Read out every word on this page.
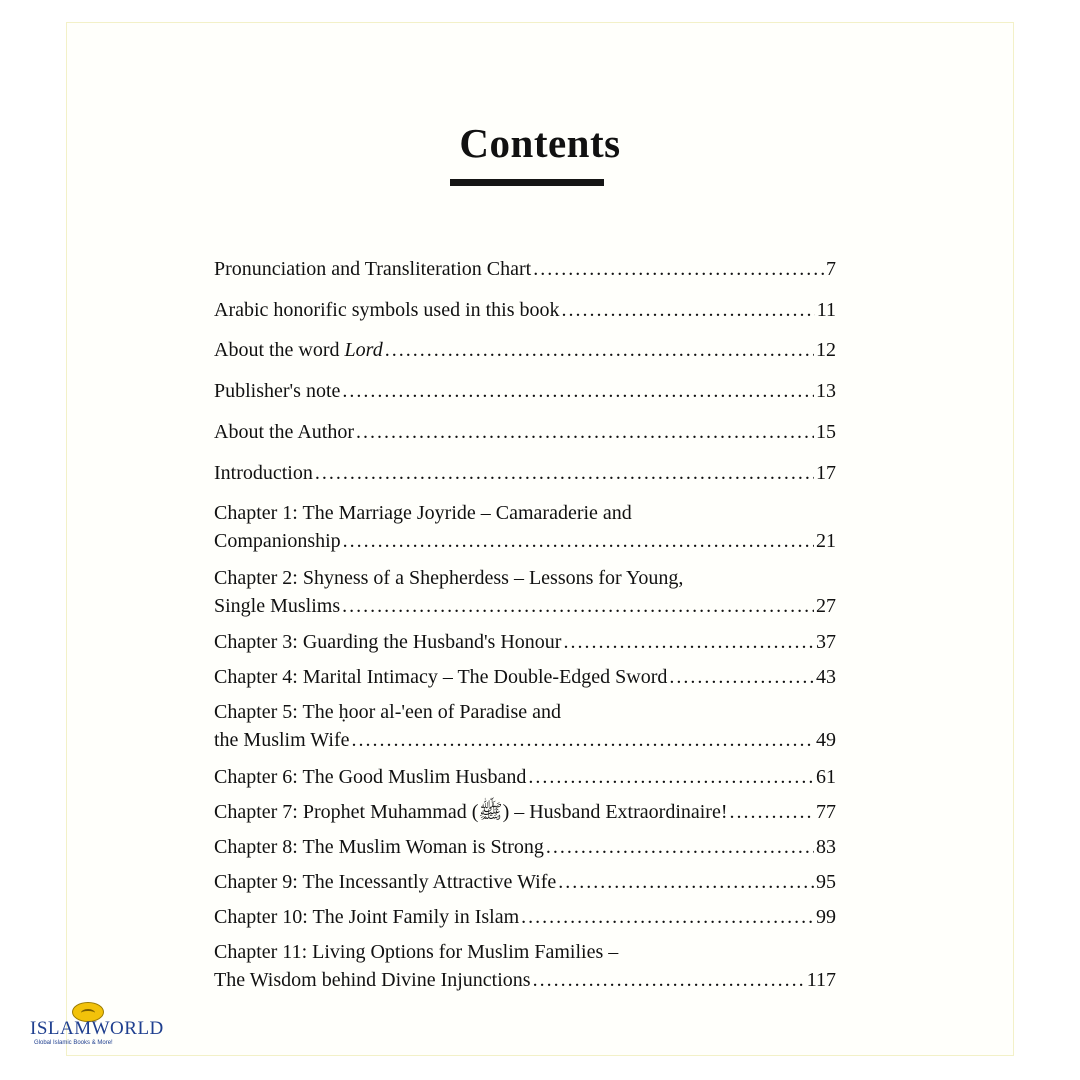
Contents
Pronunciation and Transliteration Chart .....	7
Arabic honorific symbols used in this book .....	11
About the word Lord .....	12
Publisher's note .....	13
About the Author .....	15
Introduction .....	17
Chapter 1: The Marriage Joyride – Camaraderie and
Companionship .....	21
Chapter 2: Shyness of a Shepherdess – Lessons for Young,
Single Muslims .....	27
Chapter 3: Guarding the Husband's Honour .....	37
Chapter 4: Marital Intimacy – The Double-Edged Sword .....	43
Chapter 5: The ḥoor al-'een of Paradise and
the Muslim Wife .....	49
Chapter 6: The Good Muslim Husband .....	61
Chapter 7: Prophet Muhammad (ﷺ) – Husband Extraordinaire! .....	77
Chapter 8: The Muslim Woman is Strong .....	83
Chapter 9: The Incessantly Attractive Wife .....	95
Chapter 10: The Joint Family in Islam .....	99
Chapter 11: Living Options for Muslim Families –
The Wisdom behind Divine Injunctions .....	117
ISLAMWORLD
Global Islamic Books & More!
